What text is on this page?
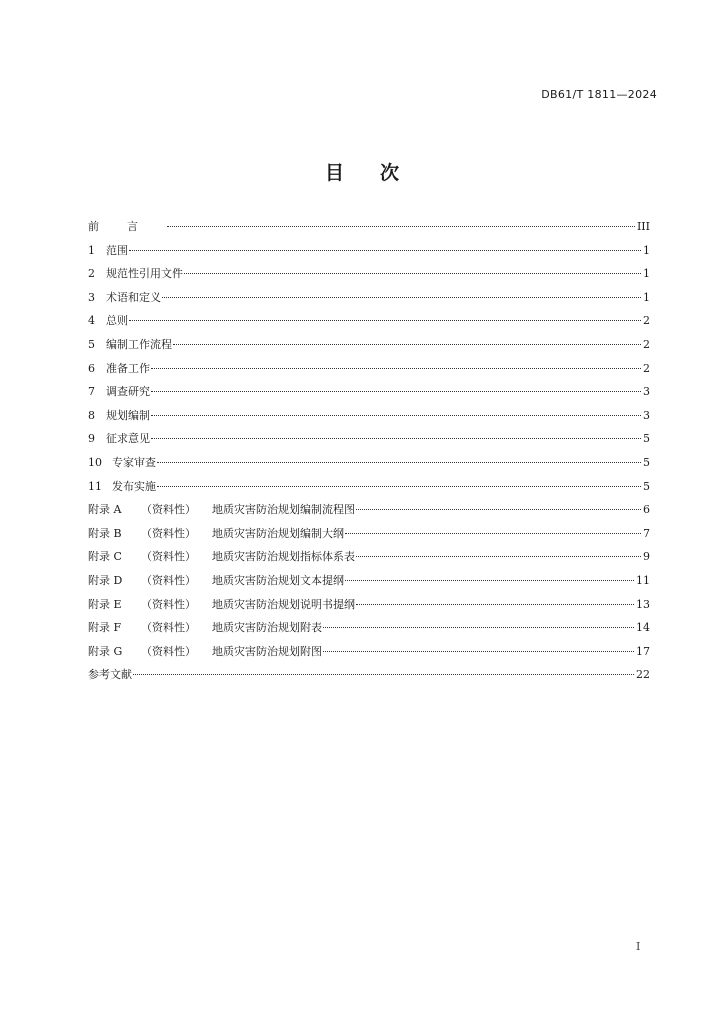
DB61/T 1811—2024
目次
前言	III
1	范围	1
2	规范性引用文件	1
3	术语和定义	1
4	总则	2
5	编制工作流程	2
6	准备工作	2
7	调查研究	3
8	规划编制	3
9	征求意见	5
10 专家审查	5
11 发布实施	5
附录 A	（资料性）	地质灾害防治规划编制流程图	6
附录 B	（资料性）	地质灾害防治规划编制大纲	7
附录 C	（资料性）	地质灾害防治规划指标体系表	9
附录 D	（资料性）	地质灾害防治规划文本提纲	11
附录 E	（资料性）	地质灾害防治规划说明书提纲	13
附录 F	（资料性）	地质灾害防治规划附表	14
附录 G	（资料性）	地质灾害防治规划附图	17
参考文献	22
I
